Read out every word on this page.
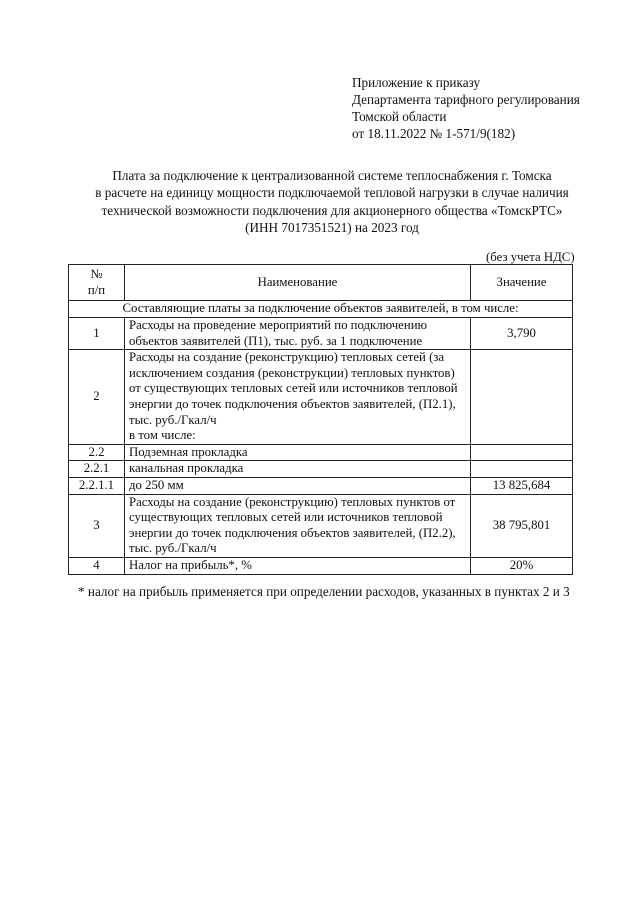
Приложение к приказу
Департамента тарифного регулирования
Томской области
от 18.11.2022 № 1-571/9(182)
Плата за подключение к централизованной системе теплоснабжения г. Томска
в расчете на единицу мощности подключаемой тепловой нагрузки в случае наличия
технической возможности подключения для акционерного общества «ТомскРТС»
(ИНН 7017351521) на 2023 год
(без учета НДС)
№
п/п	Наименование	Значение
Составляющие платы за подключение объектов заявителей, в том числе:		
1	Расходы на проведение мероприятий по подключению объектов заявителей (П1), тыс. руб. за 1 подключение	3,790
2	Расходы на создание (реконструкцию) тепловых сетей (за исключением создания (реконструкции) тепловых пунктов) от существующих тепловых сетей или источников тепловой энергии до точек подключения объектов заявителей, (П2.1), тыс. руб./Гкал/ч
в том числе:	
2.2	Подземная прокладка	
2.2.1	канальная прокладка	
2.2.1.1	до 250 мм	13 825,684
3	Расходы на создание (реконструкцию) тепловых пунктов от существующих тепловых сетей или источников тепловой энергии до точек подключения объектов заявителей, (П2.2), тыс. руб./Гкал/ч	38 795,801
4	Налог на прибыль*, %	20%
* налог на прибыль применяется при определении расходов, указанных в пунктах 2 и 3
